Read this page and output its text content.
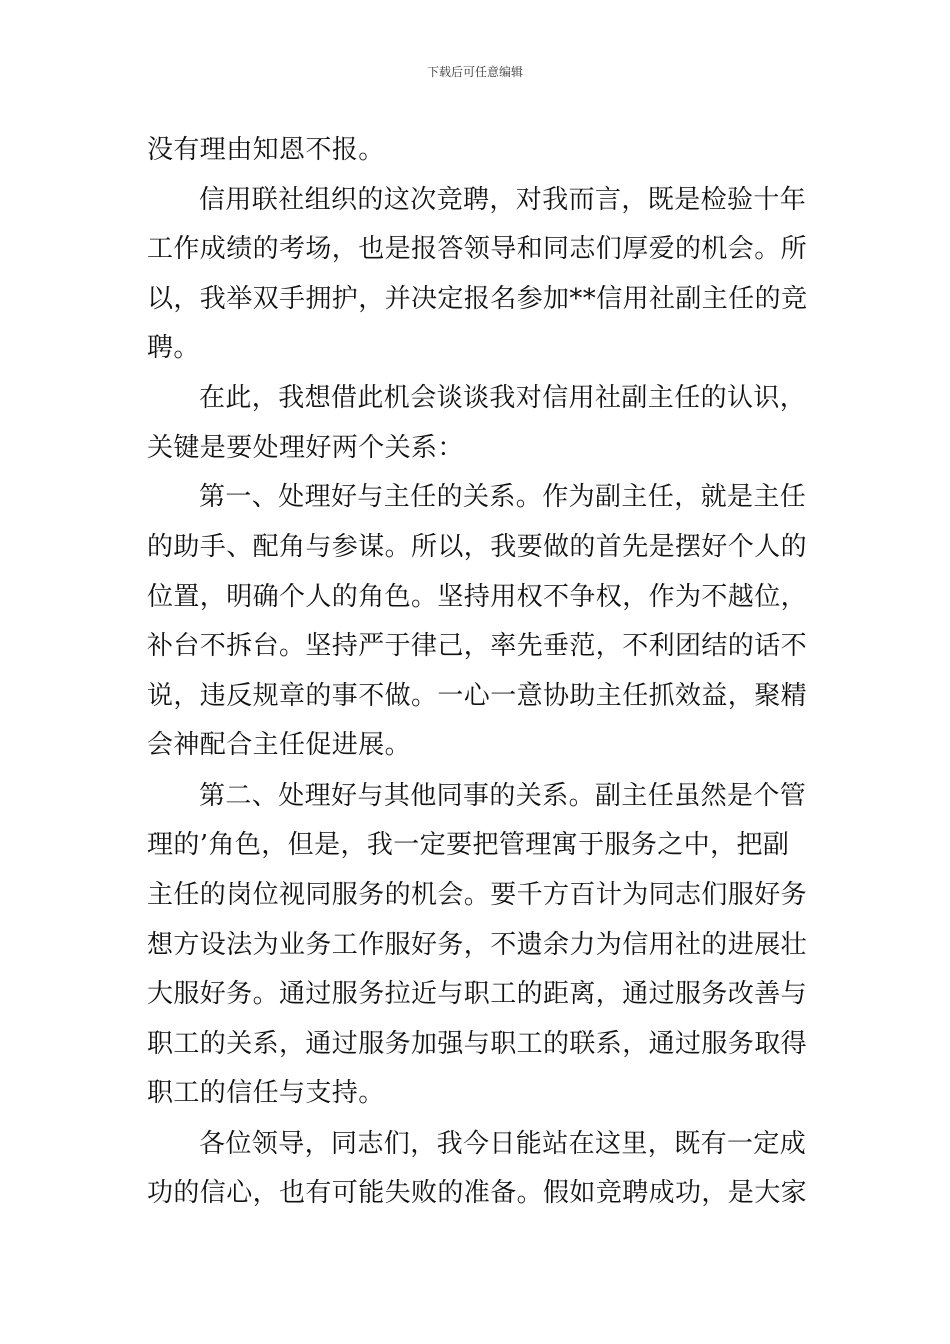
下载后可任意编辑
没有理由知恩不报。
信用联社组织的这次竞聘，对我而言，既是检验十年
工作成绩的考场，也是报答领导和同志们厚爱的机会。所
以，我举双手拥护，并决定报名参加**信用社副主任的竞
聘。
在此，我想借此机会谈谈我对信用社副主任的认识，
关键是要处理好两个关系：
第一、处理好与主任的关系。作为副主任，就是主任
的助手、配角与参谋。所以，我要做的首先是摆好个人的
位置，明确个人的角色。坚持用权不争权，作为不越位，
补台不拆台。坚持严于律己，率先垂范，不利团结的话不
说，违反规章的事不做。一心一意协助主任抓效益，聚精
会神配合主任促进展。
第二、处理好与其他同事的关系。副主任虽然是个管
理的’角色，但是，我一定要把管理寓于服务之中，把副
主任的岗位视同服务的机会。要千方百计为同志们服好务
想方设法为业务工作服好务，不遗余力为信用社的进展壮
大服好务。通过服务拉近与职工的距离，通过服务改善与
职工的关系，通过服务加强与职工的联系，通过服务取得
职工的信任与支持。
各位领导，同志们，我今日能站在这里，既有一定成
功的信心，也有可能失败的准备。假如竞聘成功，是大家
